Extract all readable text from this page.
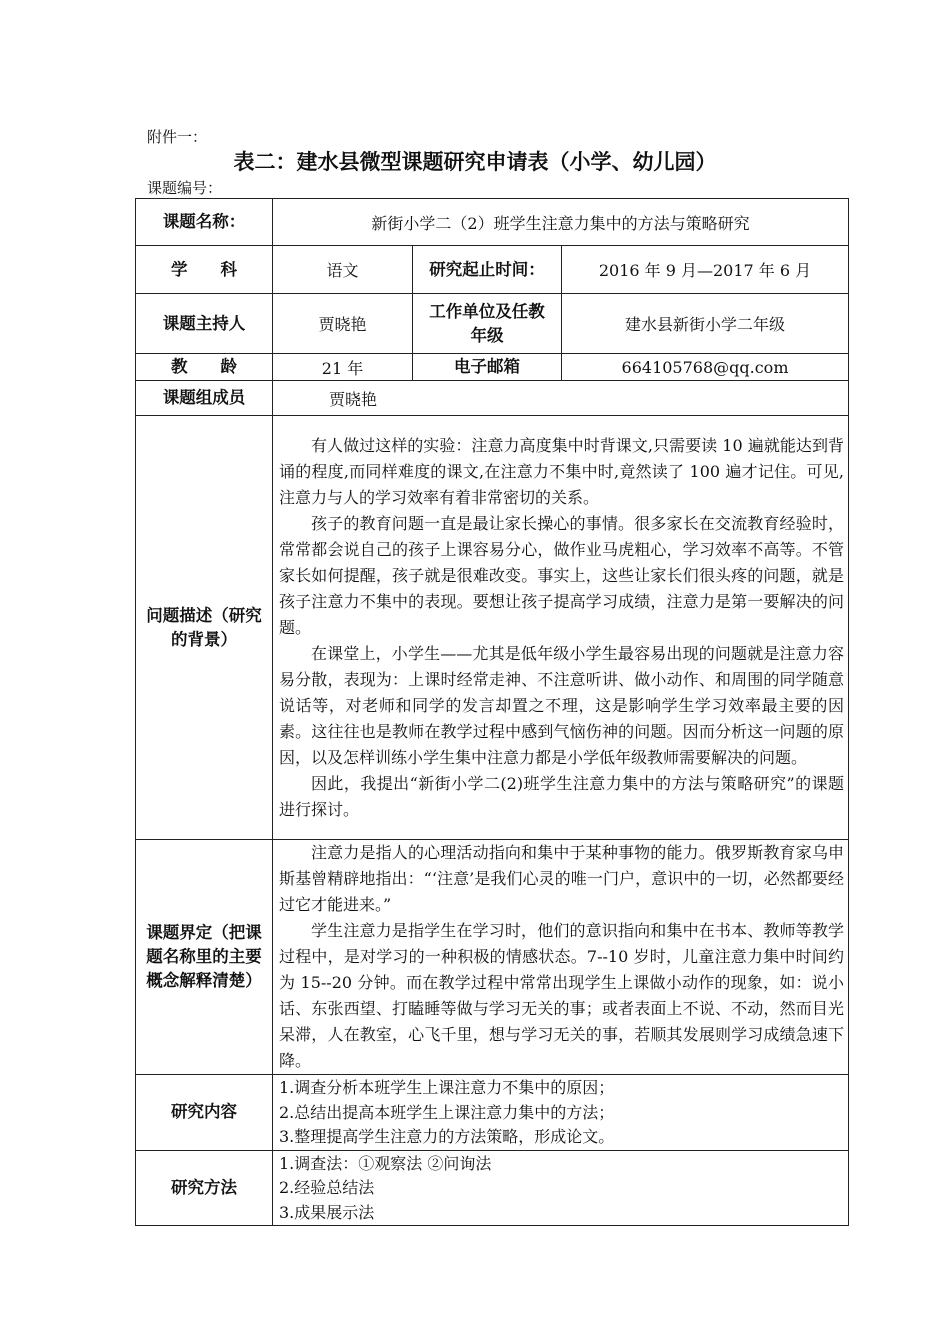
附件一：
表二：建水县微型课题研究申请表（小学、幼儿园）
课题编号：
课题名称：	新街小学二（2）班学生注意力集中的方法与策略研究		
学　　科	语文	研究起止时间：	2016 年 9 月—2017 年 6 月
课题主持人	贾晓艳	工作单位及任教年级	建水县新街小学二年级
教　　龄	21 年	电子邮箱	664105768@qq.com
课题组成员	贾晓艳		
问题描述（研究的背景）	有人做过这样的实验：注意力高度集中时背课文,只需要读 10 遍就能达到背诵的程度,而同样难度的课文,在注意力不集中时,竟然读了 100 遍才记住。可见,注意力与人的学习效率有着非常密切的关系。

孩子的教育问题一直是最让家长操心的事情。很多家长在交流教育经验时，常常都会说自己的孩子上课容易分心，做作业马虎粗心，学习效率不高等。不管家长如何提醒，孩子就是很难改变。事实上，这些让家长们很头疼的问题，就是孩子注意力不集中的表现。要想让孩子提高学习成绩，注意力是第一要解决的问题。

在课堂上，小学生——尤其是低年级小学生最容易出现的问题就是注意力容易分散，表现为：上课时经常走神、不注意听讲、做小动作、和周围的同学随意说话等，对老师和同学的发言却置之不理，这是影响学生学习效率最主要的因素。这往往也是教师在教学过程中感到气恼伤神的问题。因而分析这一问题的原因，以及怎样训练小学生集中注意力都是小学低年级教师需要解决的问题。

因此，我提出“新街小学二(2)班学生注意力集中的方法与策略研究”的课题进行探讨。		

课题界定（把课题名称里的主要概念解释清楚）	注意力是指人的心理活动指向和集中于某种事物的能力。俄罗斯教育家乌申斯基曾精辟地指出：“‘注意’是我们心灵的唯一门户，意识中的一切，必然都要经过它才能进来。”

学生注意力是指学生在学习时，他们的意识指向和集中在书本、教师等教学过程中，是对学习的一种积极的情感状态。7--10 岁时，儿童注意力集中时间约为 15--20 分钟。而在教学过程中常常出现学生上课做小动作的现象，如：说小话、东张西望、打瞌睡等做与学习无关的事；或者表面上不说、不动，然而目光呆滞，人在教室，心飞千里，想与学习无关的事，若顺其发展则学习成绩急速下降。		

研究内容	1.调查分析本班学生上课注意力不集中的原因；

2.总结出提高本班学生上课注意力集中的方法；

3.整理提高学生注意力的方法策略，形成论文。		

研究方法	1.调查法：①观察法 ②问询法

2.经验总结法

3.成果展示法		
